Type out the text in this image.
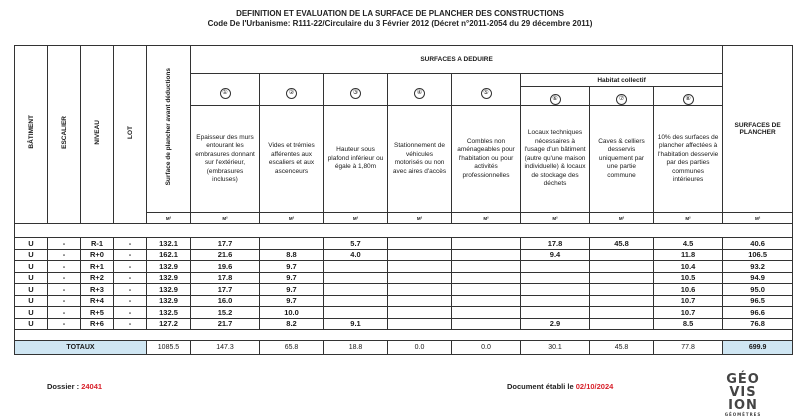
DEFINITION ET EVALUATION DE LA SURFACE DE PLANCHER DES CONSTRUCTIONS
Code De l'Urbanisme: R111-22/Circulaire du 3 Février 2012 (Décret n°2011-2054 du 29 décembre 2011)
BÂTIMENT	ESCALIER	NIVEAU	LOT	Surface de plancher avant déductions	SURFACES A DEDUIRE								SURFACES DE PLANCHER
					①	②	③	④	⑤	Habitat collectif			
										⑥	⑦	⑧	
					Epaisseur des murs entourant les embrasures donnant sur l'extérieur, (embrasures incluses)	Vides et trémies afférentes aux escaliers et aux ascenceurs	Hauteur sous plafond inférieur ou égale à 1,80m	Stationnement de véhicules motorisés ou non avec aires d'accès	Combles non aménageables pour l'habitation ou pour activités professionnelles	Locaux techniques nécessaires à l'usage d'un bâtiment (autre qu'une maison individuelle) & locaux de stockage des déchets	Caves & celliers desservis uniquement par une partie commune	10% des surfaces de plancher affectées à l'habitation desservie par des parties communes intérieures	
				M²	M²	M²	M²	M²	M²	M²	M²	M²	M²

U	-	R-1	-	132.1	17.7		5.7			17.8	45.8	4.5	40.6
U	-	R+0	-	162.1	21.6	8.8	4.0			9.4		11.8	106.5
U	-	R+1	-	132.9	19.6	9.7						10.4	93.2
U	-	R+2	-	132.9	17.8	9.7						10.5	94.9
U	-	R+3	-	132.9	17.7	9.7						10.6	95.0
U	-	R+4	-	132.9	16.0	9.7						10.7	96.5
U	-	R+5	-	132.5	15.2	10.0						10.7	96.6
U	-	R+6	-	127.2	21.7	8.2	9.1			2.9		8.5	76.8

TOTAUX				1085.5	147.3	65.8	18.8	0.0	0.0	30.1	45.8	77.8	699.9
Dossier : 24041	Document établi le 02/10/2024	GÉO
VIS
ION
GÉOMÈTRES
